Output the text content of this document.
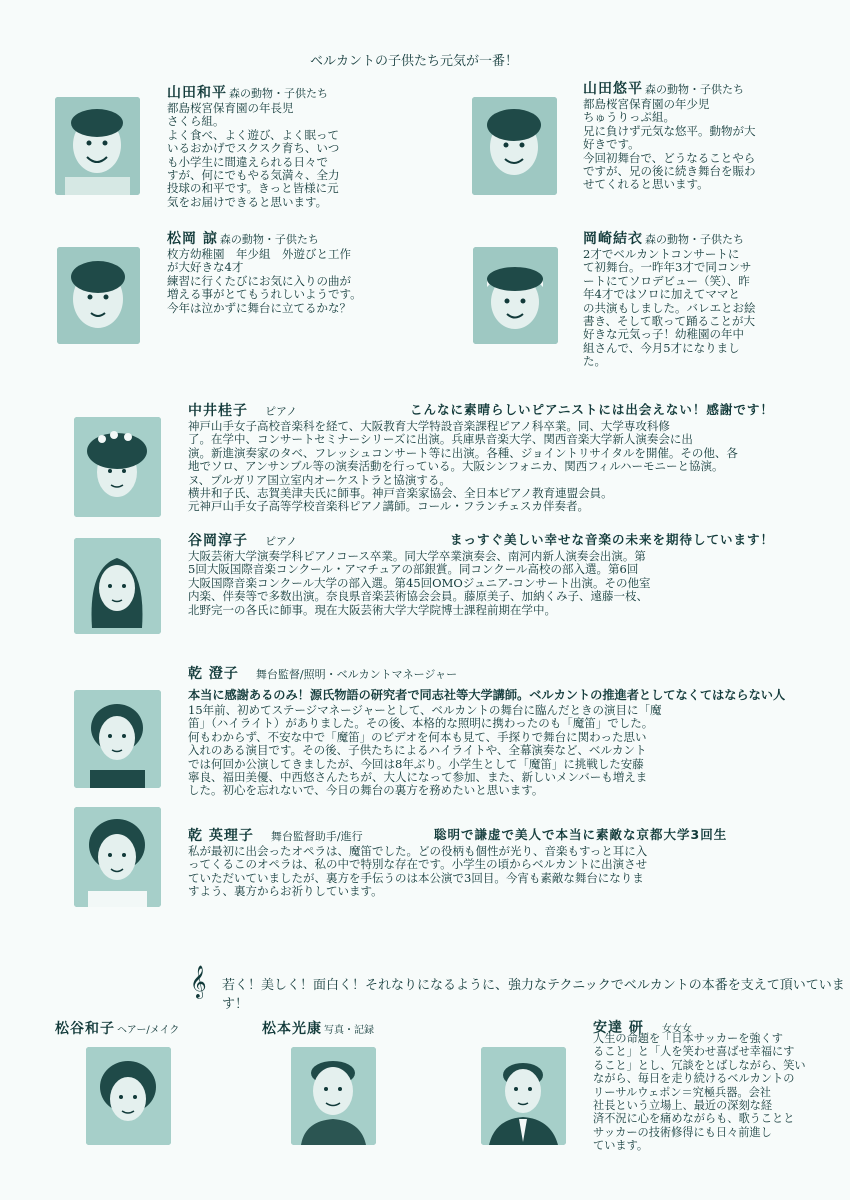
ベルカントの子供たち元気が一番！
山田和平 森の動物・子供たち
都島桜宮保育園の年長児
さくら組。
よく食べ、よく遊び、よく眠って
いるおかげでスクスク育ち、いつ
も小学生に間違えられる日々で
すが、何にでもやる気満々、全力
投球の和平です。きっと皆様に元
気をお届けできると思います。
山田悠平 森の動物・子供たち
都島桜宮保育園の年少児
ちゅうりっぷ組。
兄に負けず元気な悠平。動物が大
好きです。
今回初舞台で、どうなることやら
ですが、兄の後に続き舞台を賑わ
せてくれると思います。
松岡 諒 森の動物・子供たち
枚方幼稚園　年少組　外遊びと工作
が大好きな4才
練習に行くたびにお気に入りの曲が
増える事がとてもうれしいようです。
今年は泣かずに舞台に立てるかな？
岡崎結衣 森の動物・子供たち
2才でベルカントコンサートに
て初舞台。一昨年3才で同コンサ
ートにてソロデビュー（笑）、昨
年4才ではソロに加えてママと
の共演もしました。バレエとお絵
書き、そして歌って踊ることが大
好きな元気っ子！幼稚園の年中
組さんで、今月5才になりまし
た。
中井桂子　 ピアノ	こんなに素晴らしいピアニストには出会えない！感謝です！
神戸山手女子高校音楽科を経て、大阪教育大学特設音楽課程ピアノ科卒業。同、大学専攻科修
了。在学中、コンサートセミナーシリーズに出演。兵庫県音楽大学、関西音楽大学新人演奏会に出
演。新進演奏家のタベ、フレッシュコンサート等に出演。各種、ジョイントリサイタルを開催。その他、各
地でソロ、アンサンブル等の演奏活動を行っている。大阪シンフォニカ、関西フィルハーモニーと協演。
ヌ、ブルガリア国立室内オーケストラと協演する。
横井和子氏、志賀美津夫氏に師事。神戸音楽家協会、全日本ピアノ教育連盟会員。
元神戸山手女子高等学校音楽科ピアノ講師。コール・フランチェスカ伴奏者。
谷岡淳子　 ピアノ	まっすぐ美しい幸せな音楽の未来を期待しています！
大阪芸術大学演奏学科ピアノコース卒業。同大学卒業演奏会、南河内新人演奏会出演。第
5回大阪国際音楽コンクール・アマチュアの部銀賞。同コンクール高校の部入選。第6回
大阪国際音楽コンクール大学の部入選。第45回OMOジュニア-コンサート出演。その他室
内楽、伴奏等で多数出演。奈良県音楽芸術協会会員。藤原美子、加納くみ子、遠藤一枝、
北野完一の各氏に師事。現在大阪芸術大学大学院博士課程前期在学中。
乾 澄子　 舞台監督/照明・ベルカントマネージャー
本当に感謝あるのみ！源氏物語の研究者で同志社等大学講師。ベルカントの推進者としてなくてはならない人
15年前、初めてステージマネージャーとして、ベルカントの舞台に臨んだときの演目に「魔
笛」（ハイライト）がありました。その後、本格的な照明に携わったのも「魔笛」でした。
何もわからず、不安な中で「魔笛」のビデオを何本も見て、手探りで舞台に関わった思い
入れのある演目です。その後、子供たちによるハイライトや、全幕演奏など、ベルカント
では何回か公演してきましたが、今回は8年ぶり。小学生として「魔笛」に挑戦した安藤
寧良、福田美優、中西悠さんたちが、大人になって参加、また、新しいメンバーも増えま
した。初心を忘れないで、今日の舞台の裏方を務めたいと思います。
乾 英理子　 舞台監督助手/進行	聡明で謙虚で美人で本当に素敵な京都大学3回生
私が最初に出会ったオペラは、魔笛でした。どの役柄も個性が光り、音楽もすっと耳に入
ってくるこのオペラは、私の中で特別な存在です。小学生の頃からベルカントに出演させ
ていただいていましたが、裏方を手伝うのは本公演で3回目。今宵も素敵な舞台になりま
すよう、裏方からお祈りしています。
𝄞 若く！美しく！面白く！それなりになるように、強力なテクニックでベルカントの本番を支えて頂いています！
松谷和子 ヘアー/メイク	松本光康 写真・記録	安達 研　 女女女
人生の命題を「日本サッカーを強くす
ること」と「人を笑わせ喜ばせ幸福にす
ること」とし、冗談をとばしながら、笑い
ながら、毎日を走り続けるベルカントの
リーサルウェポン＝究極兵器。会社
社長という立場上、最近の深刻な経
済不況に心を痛めながらも、歌うことと
サッカーの技術修得にも日々前進し
ています。
